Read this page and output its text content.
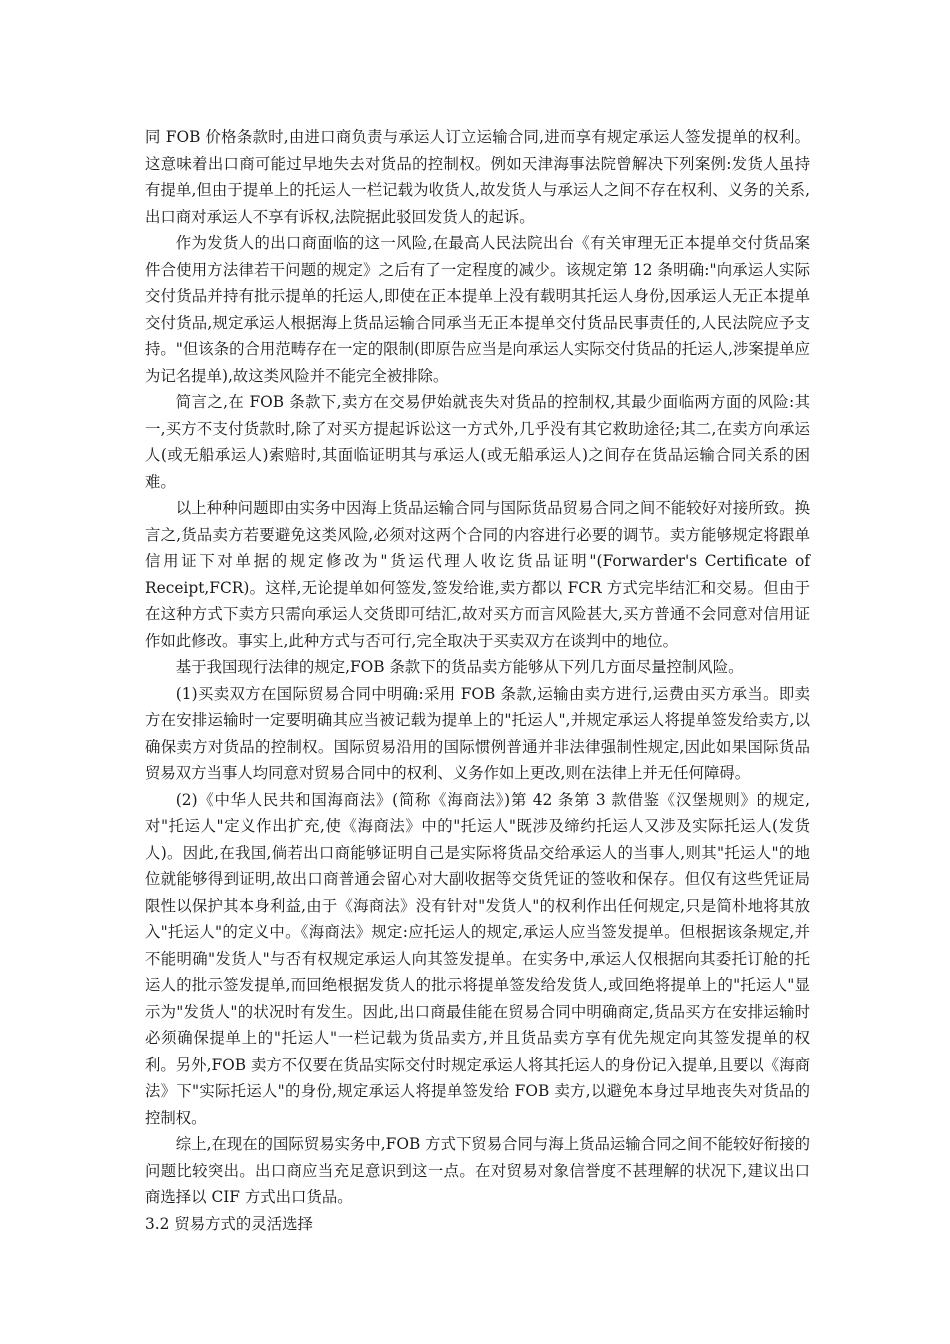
同 FOB 价格条款时,由进口商负责与承运人订立运输合同,进而享有规定承运人签发提单的权利。这意味着出口商可能过早地失去对货品的控制权。例如天津海事法院曾解决下列案例:发货人虽持有提单,但由于提单上的托运人一栏记载为收货人,故发货人与承运人之间不存在权利、义务的关系,出口商对承运人不享有诉权,法院据此驳回发货人的起诉。

作为发货人的出口商面临的这一风险,在最高人民法院出台《有关审理无正本提单交付货品案件合使用方法律若干问题的规定》之后有了一定程度的减少。该规定第 12 条明确:"向承运人实际交付货品并持有批示提单的托运人,即使在正本提单上没有载明其托运人身份,因承运人无正本提单交付货品,规定承运人根据海上货品运输合同承当无正本提单交付货品民事责任的,人民法院应予支持。"但该条的合用范畴存在一定的限制(即原告应当是向承运人实际交付货品的托运人,涉案提单应为记名提单),故这类风险并不能完全被排除。

简言之,在 FOB 条款下,卖方在交易伊始就丧失对货品的控制权,其最少面临两方面的风险:其一,买方不支付货款时,除了对买方提起诉讼这一方式外,几乎没有其它救助途径;其二,在卖方向承运人(或无船承运人)索赔时,其面临证明其与承运人(或无船承运人)之间存在货品运输合同关系的困难。

以上种种问题即由实务中因海上货品运输合同与国际货品贸易合同之间不能较好对接所致。换言之,货品卖方若要避免这类风险,必须对这两个合同的内容进行必要的调节。卖方能够规定将跟单信用证下对单据的规定修改为"货运代理人收讫货品证明"(Forwarder's Certificate of Receipt,FCR)。这样,无论提单如何签发,签发给谁,卖方都以 FCR 方式完毕结汇和交易。但由于在这种方式下卖方只需向承运人交货即可结汇,故对买方而言风险甚大,买方普通不会同意对信用证作如此修改。事实上,此种方式与否可行,完全取决于买卖双方在谈判中的地位。

基于我国现行法律的规定,FOB 条款下的货品卖方能够从下列几方面尽量控制风险。

(1)买卖双方在国际贸易合同中明确:采用 FOB 条款,运输由卖方进行,运费由买方承当。即卖方在安排运输时一定要明确其应当被记载为提单上的"托运人",并规定承运人将提单签发给卖方,以确保卖方对货品的控制权。国际贸易沿用的国际惯例普通并非法律强制性规定,因此如果国际货品贸易双方当事人均同意对贸易合同中的权利、义务作如上更改,则在法律上并无任何障碍。

(2)《中华人民共和国海商法》(简称《海商法》)第 42 条第 3 款借鉴《汉堡规则》的规定,对"托运人"定义作出扩充,使《海商法》中的"托运人"既涉及缔约托运人又涉及实际托运人(发货人)。因此,在我国,倘若出口商能够证明自己是实际将货品交给承运人的当事人,则其"托运人"的地位就能够得到证明,故出口商普通会留心对大副收据等交货凭证的签收和保存。但仅有这些凭证局限性以保护其本身利益,由于《海商法》没有针对"发货人"的权利作出任何规定,只是简朴地将其放入"托运人"的定义中。《海商法》规定:应托运人的规定,承运人应当签发提单。但根据该条规定,并不能明确"发货人"与否有权规定承运人向其签发提单。在实务中,承运人仅根据向其委托订舱的托运人的批示签发提单,而回绝根据发货人的批示将提单签发给发货人,或回绝将提单上的"托运人"显示为"发货人"的状况时有发生。因此,出口商最佳能在贸易合同中明确商定,货品买方在安排运输时必须确保提单上的"托运人"一栏记载为货品卖方,并且货品卖方享有优先规定向其签发提单的权利。另外,FOB 卖方不仅要在货品实际交付时规定承运人将其托运人的身份记入提单,且要以《海商法》下"实际托运人"的身份,规定承运人将提单签发给 FOB 卖方,以避免本身过早地丧失对货品的控制权。

综上,在现在的国际贸易实务中,FOB 方式下贸易合同与海上货品运输合同之间不能较好衔接的问题比较突出。出口商应当充足意识到这一点。在对贸易对象信誉度不甚理解的状况下,建议出口商选择以 CIF 方式出口货品。

3.2 贸易方式的灵活选择
